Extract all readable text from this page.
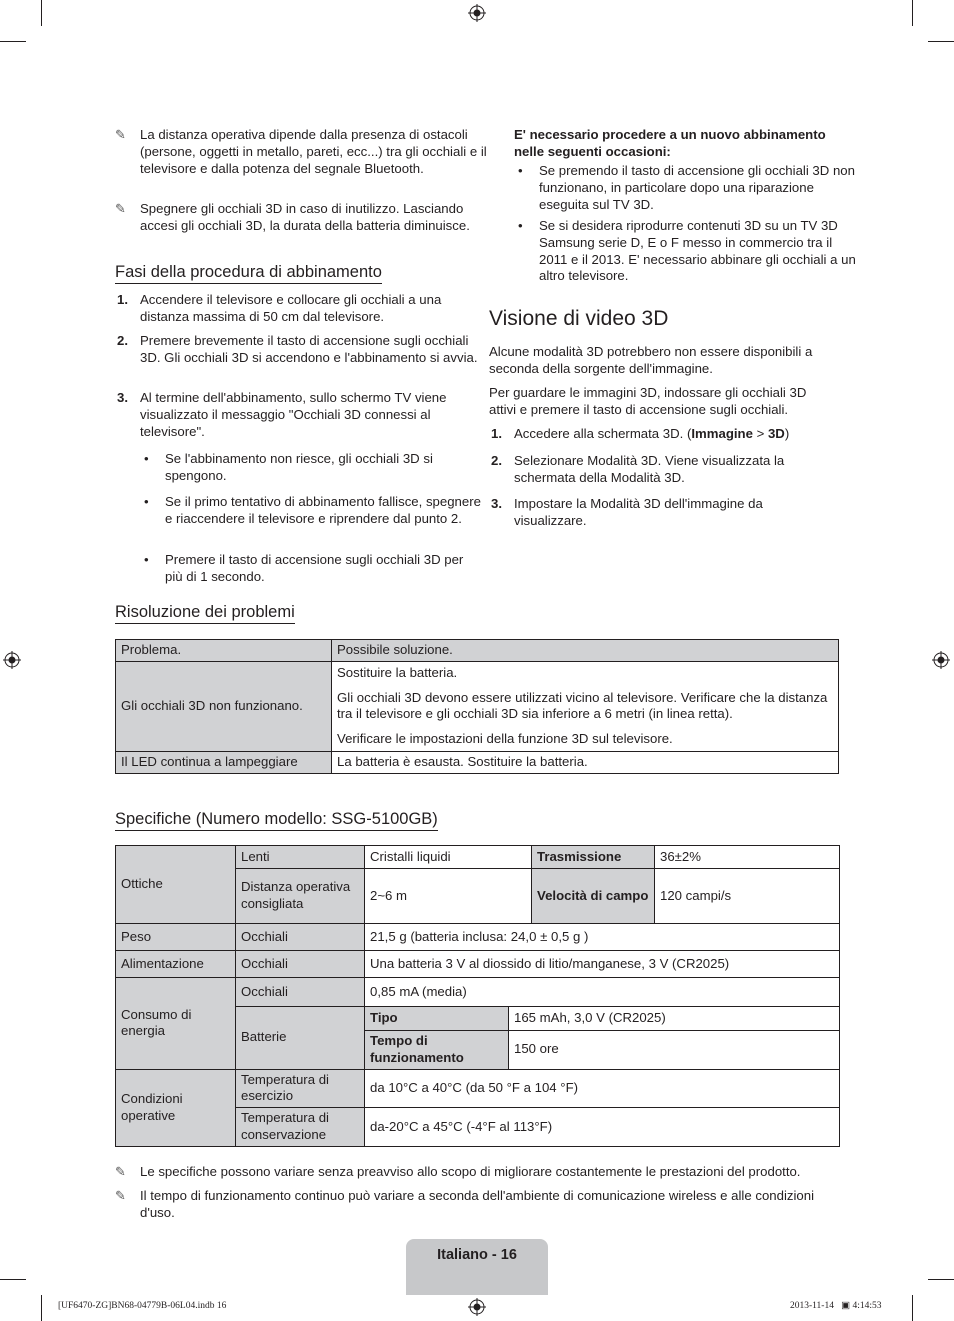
✎ La distanza operativa dipende dalla presenza di ostacoli (persone, oggetti in metallo, pareti, ecc...) tra gli occhiali e il televisore e dalla potenza del segnale Bluetooth.
✎ Spegnere gli occhiali 3D in caso di inutilizzo. Lasciando accesi gli occhiali 3D, la durata della batteria diminuisce.
Fasi della procedura di abbinamento
1. Accendere il televisore e collocare gli occhiali a una distanza massima di 50 cm dal televisore.
2. Premere brevemente il tasto di accensione sugli occhiali 3D. Gli occhiali 3D si accendono e l'abbinamento si avvia.
3. Al termine dell'abbinamento, sullo schermo TV viene visualizzato il messaggio "Occhiali 3D connessi al televisore".
• Se l'abbinamento non riesce, gli occhiali 3D si spengono.
• Se il primo tentativo di abbinamento fallisce, spegnere e riaccendere il televisore e riprendere dal punto 2.
• Premere il tasto di accensione sugli occhiali 3D per più di 1 secondo.
E' necessario procedere a un nuovo abbinamento nelle seguenti occasioni:
• Se premendo il tasto di accensione gli occhiali 3D non funzionano, in particolare dopo una riparazione eseguita sul TV 3D.
• Se si desidera riprodurre contenuti 3D su un TV 3D Samsung serie D, E o F messo in commercio tra il 2011 e il 2013. E' necessario abbinare gli occhiali a un altro televisore.
Visione di video 3D
Alcune modalità 3D potrebbero non essere disponibili a seconda della sorgente dell'immagine.
Per guardare le immagini 3D, indossare gli occhiali 3D attivi e premere il tasto di accensione sugli occhiali.
1. Accedere alla schermata 3D. (Immagine > 3D)
2. Selezionare Modalità 3D. Viene visualizzata la schermata della Modalità 3D.
3. Impostare la Modalità 3D dell'immagine da visualizzare.
Risoluzione dei problemi
Problema.	Possibile soluzione.
Gli occhiali 3D non funzionano.	Sostituire la batteria.
Gli occhiali 3D devono essere utilizzati vicino al televisore. Verificare che la distanza tra il televisore e gli occhiali 3D sia inferiore a 6 metri (in linea retta).
Verificare le impostazioni della funzione 3D sul televisore.

Il LED continua a lampeggiare	La batteria è esausta. Sostituire la batteria.
Specifiche (Numero modello: SSG-5100GB)
Ottiche	Lenti	Cristalli liquidi		Trasmissione	36±2%
	Distanza operativa consigliata	2~6 m		Velocità di campo	120 campi/s
Peso	Occhiali	21,5 g (batteria inclusa: 24,0 ± 0,5 g )			
Alimentazione	Occhiali	Una batteria 3 V al diossido di litio/manganese, 3 V (CR2025)			
Consumo di energia	Occhiali	0,85 mA (media)			
	Batterie	Tipo	165 mAh, 3,0 V (CR2025)		
		Tempo di funzionamento	150 ore		
Condizioni operative	Temperatura di esercizio	da 10°C a 40°C (da 50 °F a 104 °F)			
	Temperatura di conservazione	da-20°C a 45°C (-4°F al 113°F)			
✎ Le specifiche possono variare senza preavviso allo scopo di migliorare costantemente le prestazioni del prodotto.
✎ Il tempo di funzionamento continuo può variare a seconda dell'ambiente di comunicazione wireless e alle condizioni d'uso.
Italiano - 16
[UF6470-ZG]BN68-04779B-06L04.indb 16	2013-11-14   ▣ 4:14:53
